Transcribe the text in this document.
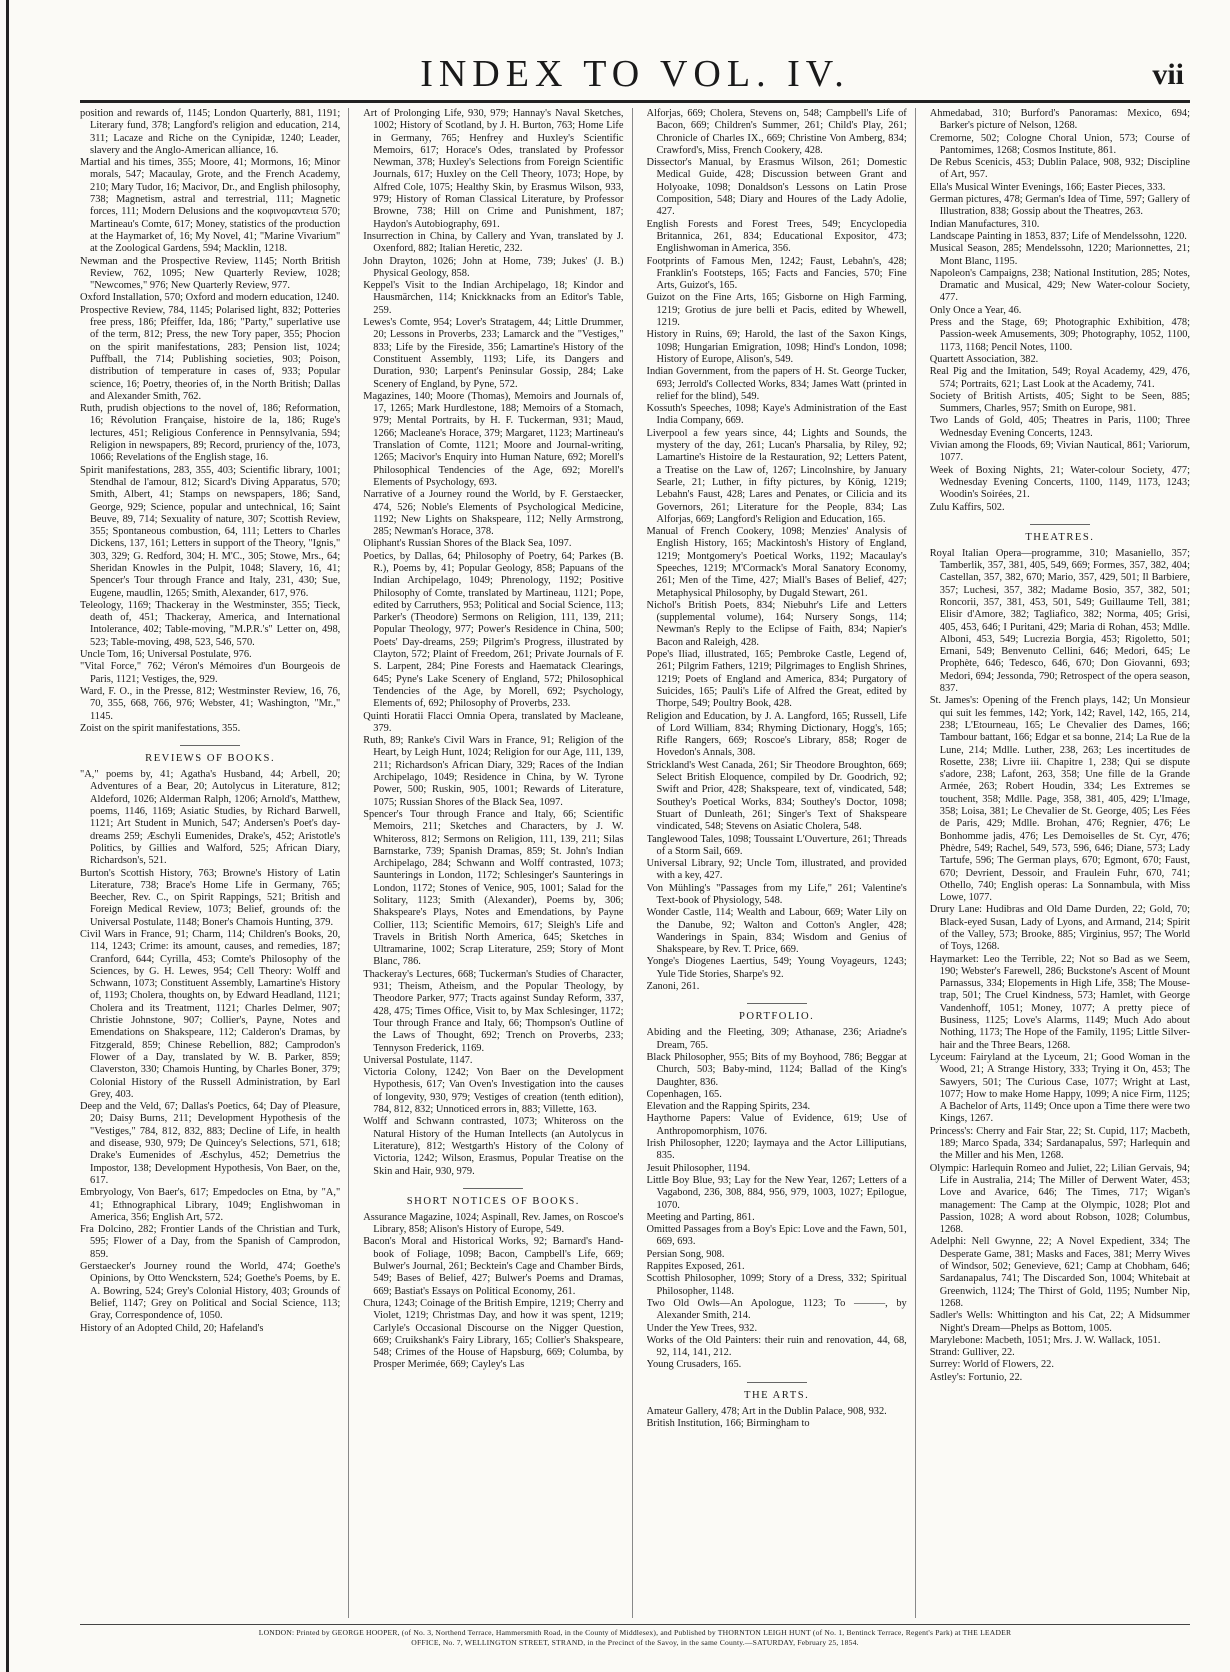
INDEX TO VOL. IV.	vii

position and rewards of, 1145; London Quarterly, 881, 1191; Literary fund, 378; Langford's religion and education, 214, 311; Lacaze and Riche on the Cynipidæ, 1240; Leader, slavery and the Anglo-American alliance, 16.

Martial and his times, 355; Moore, 41; Mormons, 16; Minor morals, 547; Macaulay, Grote, and the French Academy, 210; Mary Tudor, 16; Macivor, Dr., and English philosophy, 738; Magnetism, astral and terrestrial, 111; Magnetic forces, 111; Modern Delusions and the κοφινομαντεια 570; Martineau's Comte, 617; Money, statistics of the production at the Haymarket of, 16; My Novel, 41; "Marine Vivarium" at the Zoological Gardens, 594; Macklin, 1218.

Newman and the Prospective Review, 1145; North British Review, 762, 1095; New Quarterly Review, 1028; "Newcomes," 976; New Quarterly Review, 977.

Oxford Installation, 570; Oxford and modern education, 1240.

Prospective Review, 784, 1145; Polarised light, 832; Potteries free press, 186; Pfeiffer, Ida, 186; "Party," superlative use of the term, 812; Press, the new Tory paper, 355; Phocion on the spirit manifestations, 283; Pension list, 1024; Puffball, the 714; Publishing societies, 903; Poison, distribution of temperature in cases of, 933; Popular science, 16; Poetry, theories of, in the North British; Dallas and Alexander Smith, 762.

Ruth, prudish objections to the novel of, 186; Reformation, 16; Révolution Française, histoire de la, 186; Ruge's lectures, 451; Religious Conference in Pennsylvania, 594; Religion in newspapers, 89; Record, pruriency of the, 1073, 1066; Revelations of the English stage, 16.

Spirit manifestations, 283, 355, 403; Scientific library, 1001; Stendhal de l'amour, 812; Sicard's Diving Apparatus, 570; Smith, Albert, 41; Stamps on newspapers, 186; Sand, George, 929; Science, popular and untechnical, 16; Saint Beuve, 89, 714; Sexuality of nature, 307; Scottish Review, 355; Spontaneous combustion, 64, 111; Letters to Charles Dickens, 137, 161; Letters in support of the Theory, "Ignis," 303, 329; G. Redford, 304; H. M'C., 305; Stowe, Mrs., 64; Sheridan Knowles in the Pulpit, 1048; Slavery, 16, 41; Spencer's Tour through France and Italy, 231, 430; Sue, Eugene, maudlin, 1265; Smith, Alexander, 617, 976.

Teleology, 1169; Thackeray in the Westminster, 355; Tieck, death of, 451; Thackeray, America, and International Intolerance, 402; Table-moving, "M.P.R.'s" Letter on, 498, 523; Table-moving, 498, 523, 546, 570.

Uncle Tom, 16; Universal Postulate, 976.

"Vital Force," 762; Véron's Mémoires d'un Bourgeois de Paris, 1121; Vestiges, the, 929.

Ward, F. O., in the Presse, 812; Westminster Review, 16, 76, 70, 355, 668, 766, 976; Webster, 41; Washington, "Mr.," 1145.

Zoist on the spirit manifestations, 355.

REVIEWS OF BOOKS.

"A," poems by, 41; Agatha's Husband, 44; Arbell, 20; Adventures of a Bear, 20; Autolycus in Literature, 812; Aldeford, 1026; Alderman Ralph, 1206; Arnold's, Matthew, poems, 1146, 1169; Asiatic Studies, by Richard Barwell, 1121; Art Student in Munich, 547; Andersen's Poet's day-dreams 259; Æschyli Eumenides, Drake's, 452; Aristotle's Politics, by Gillies and Walford, 525; African Diary, Richardson's, 521.

Burton's Scottish History, 763; Browne's History of Latin Literature, 738; Brace's Home Life in Germany, 765; Beecher, Rev. C., on Spirit Rappings, 521; British and Foreign Medical Review, 1073; Belief, grounds of: the Universal Postulate, 1148; Boner's Chamois Hunting, 379.

Civil Wars in France, 91; Charm, 114; Children's Books, 20, 114, 1243; Crime: its amount, causes, and remedies, 187; Cranford, 644; Cyrilla, 453; Comte's Philosophy of the Sciences, by G. H. Lewes, 954; Cell Theory: Wolff and Schwann, 1073; Constituent Assembly, Lamartine's History of, 1193; Cholera, thoughts on, by Edward Headland, 1121; Cholera and its Treatment, 1121; Charles Delmer, 907; Christie Johnstone, 907; Collier's, Payne, Notes and Emendations on Shakspeare, 112; Calderon's Dramas, by Fitzgerald, 859; Chinese Rebellion, 882; Camprodon's Flower of a Day, translated by W. B. Parker, 859; Claverston, 330; Chamois Hunting, by Charles Boner, 379; Colonial History of the Russell Administration, by Earl Grey, 403.

Deep and the Veld, 67; Dallas's Poetics, 64; Day of Pleasure, 20; Daisy Burns, 211; Development Hypothesis of the "Vestiges," 784, 812, 832, 883; Decline of Life, in health and disease, 930, 979; De Quincey's Selections, 571, 618; Drake's Eumenides of Æschylus, 452; Demetrius the Impostor, 138; Development Hypothesis, Von Baer, on the, 617.

Embryology, Von Baer's, 617; Empedocles on Etna, by "A," 41; Ethnographical Library, 1049; Englishwoman in America, 356; English Art, 572.

Fra Dolcino, 282; Frontier Lands of the Christian and Turk, 595; Flower of a Day, from the Spanish of Camprodon, 859.

Gerstaecker's Journey round the World, 474; Goethe's Opinions, by Otto Wenckstern, 524; Goethe's Poems, by E. A. Bowring, 524; Grey's Colonial History, 403; Grounds of Belief, 1147; Grey on Political and Social Science, 113; Gray, Correspondence of, 1050.

History of an Adopted Child, 20; Hafeland's

Art of Prolonging Life, 930, 979; Hannay's Naval Sketches, 1002; History of Scotland, by J. H. Burton, 763; Home Life in Germany, 765; Henfrey and Huxley's Scientific Memoirs, 617; Horace's Odes, translated by Professor Newman, 378; Huxley's Selections from Foreign Scientific Journals, 617; Huxley on the Cell Theory, 1073; Hope, by Alfred Cole, 1075; Healthy Skin, by Erasmus Wilson, 933, 979; History of Roman Classical Literature, by Professor Browne, 738; Hill on Crime and Punishment, 187; Haydon's Autobiography, 691.

Insurrection in China, by Callery and Yvan, translated by J. Oxenford, 882; Italian Heretic, 232.

John Drayton, 1026; John at Home, 739; Jukes' (J. B.) Physical Geology, 858.

Keppel's Visit to the Indian Archipelago, 18; Kindor and Hausmärchen, 114; Knickknacks from an Editor's Table, 259.

Lewes's Comte, 954; Lover's Stratagem, 44; Little Drummer, 20; Lessons in Proverbs, 233; Lamarck and the "Vestiges," 833; Life by the Fireside, 356; Lamartine's History of the Constituent Assembly, 1193; Life, its Dangers and Duration, 930; Larpent's Peninsular Gossip, 284; Lake Scenery of England, by Pyne, 572.

Magazines, 140; Moore (Thomas), Memoirs and Journals of, 17, 1265; Mark Hurdlestone, 188; Memoirs of a Stomach, 979; Mental Portraits, by H. F. Tuckerman, 931; Maud, 1266; Macleane's Horace, 379; Margaret, 1123; Martineau's Translation of Comte, 1121; Moore and Journal-writing, 1265; Macivor's Enquiry into Human Nature, 692; Morell's Philosophical Tendencies of the Age, 692; Morell's Elements of Psychology, 693.

Narrative of a Journey round the World, by F. Gerstaecker, 474, 526; Noble's Elements of Psychological Medicine, 1192; New Lights on Shakspeare, 112; Nelly Armstrong, 285; Newman's Horace, 378.

Oliphant's Russian Shores of the Black Sea, 1097.

Poetics, by Dallas, 64; Philosophy of Poetry, 64; Parkes (B. R.), Poems by, 41; Popular Geology, 858; Papuans of the Indian Archipelago, 1049; Phrenology, 1192; Positive Philosophy of Comte, translated by Martineau, 1121; Pope, edited by Carruthers, 953; Political and Social Science, 113; Parker's (Theodore) Sermons on Religion, 111, 139, 211; Popular Theology, 977; Power's Residence in China, 500; Poets' Day-dreams, 259; Pilgrim's Progress, illustrated by Clayton, 572; Plaint of Freedom, 261; Private Journals of F. S. Larpent, 284; Pine Forests and Haematack Clearings, 645; Pyne's Lake Scenery of England, 572; Philosophical Tendencies of the Age, by Morell, 692; Psychology, Elements of, 692; Philosophy of Proverbs, 233.

Quinti Horatii Flacci Omnia Opera, translated by Macleane, 379.

Ruth, 89; Ranke's Civil Wars in France, 91; Religion of the Heart, by Leigh Hunt, 1024; Religion for our Age, 111, 139, 211; Richardson's African Diary, 329; Races of the Indian Archipelago, 1049; Residence in China, by W. Tyrone Power, 500; Ruskin, 905, 1001; Rewards of Literature, 1075; Russian Shores of the Black Sea, 1097.

Spencer's Tour through France and Italy, 66; Scientific Memoirs, 211; Sketches and Characters, by J. W. Whiteross, 812; Sermons on Religion, 111, 139, 211; Silas Barnstarke, 739; Spanish Dramas, 859; St. John's Indian Archipelago, 284; Schwann and Wolff contrasted, 1073; Saunterings in London, 1172; Schlesinger's Saunterings in London, 1172; Stones of Venice, 905, 1001; Salad for the Solitary, 1123; Smith (Alexander), Poems by, 306; Shakspeare's Plays, Notes and Emendations, by Payne Collier, 113; Scientific Memoirs, 617; Sleigh's Life and Travels in British North America, 645; Sketches in Ultramarine, 1002; Scrap Literature, 259; Story of Mont Blanc, 786.

Thackeray's Lectures, 668; Tuckerman's Studies of Character, 931; Theism, Atheism, and the Popular Theology, by Theodore Parker, 977; Tracts against Sunday Reform, 337, 428, 475; Times Office, Visit to, by Max Schlesinger, 1172; Tour through France and Italy, 66; Thompson's Outline of the Laws of Thought, 692; Trench on Proverbs, 233; Tennyson Frederick, 1169.

Universal Postulate, 1147.

Victoria Colony, 1242; Von Baer on the Development Hypothesis, 617; Van Oven's Investigation into the causes of longevity, 930, 979; Vestiges of creation (tenth edition), 784, 812, 832; Unnoticed errors in, 883; Villette, 163.

Wolff and Schwann contrasted, 1073; Whiteross on the Natural History of the Human Intellects (an Autolycus in Literature), 812; Westgarth's History of the Colony of Victoria, 1242; Wilson, Erasmus, Popular Treatise on the Skin and Hair, 930, 979.

SHORT NOTICES OF BOOKS.

Assurance Magazine, 1024; Aspinall, Rev. James, on Roscoe's Library, 858; Alison's History of Europe, 549.

Bacon's Moral and Historical Works, 92; Barnard's Hand-book of Foliage, 1098; Bacon, Campbell's Life, 669; Bulwer's Journal, 261; Becktein's Cage and Chamber Birds, 549; Bases of Belief, 427; Bulwer's Poems and Dramas, 669; Bastiat's Essays on Political Economy, 261.

Chura, 1243; Coinage of the British Empire, 1219; Cherry and Violet, 1219; Christmas Day, and how it was spent, 1219; Carlyle's Occasional Discourse on the Nigger Question, 669; Cruikshank's Fairy Library, 165; Collier's Shakspeare, 548; Crimes of the House of Hapsburg, 669; Columba, by Prosper Merimée, 669; Cayley's Las

Alforjas, 669; Cholera, Stevens on, 548; Campbell's Life of Bacon, 669; Children's Summer, 261; Child's Play, 261; Chronicle of Charles IX., 669; Christine Von Amberg, 834; Crawford's, Miss, French Cookery, 428.

Dissector's Manual, by Erasmus Wilson, 261; Domestic Medical Guide, 428; Discussion between Grant and Holyoake, 1098; Donaldson's Lessons on Latin Prose Composition, 548; Diary and Houres of the Lady Adolie, 427.

English Forests and Forest Trees, 549; Encyclopedia Britannica, 261, 834; Educational Expositor, 473; Englishwoman in America, 356.

Footprints of Famous Men, 1242; Faust, Lebahn's, 428; Franklin's Footsteps, 165; Facts and Fancies, 570; Fine Arts, Guizot's, 165.

Guizot on the Fine Arts, 165; Gisborne on High Farming, 1219; Grotius de jure belli et Pacis, edited by Whewell, 1219.

History in Ruins, 69; Harold, the last of the Saxon Kings, 1098; Hungarian Emigration, 1098; Hind's London, 1098; History of Europe, Alison's, 549.

Indian Government, from the papers of H. St. George Tucker, 693; Jerrold's Collected Works, 834; James Watt (printed in relief for the blind), 549.

Kossuth's Speeches, 1098; Kaye's Administration of the East India Company, 669.

Liverpool a few years since, 44; Lights and Sounds, the mystery of the day, 261; Lucan's Pharsalia, by Riley, 92; Lamartine's Histoire de la Restauration, 92; Letters Patent, a Treatise on the Law of, 1267; Lincolnshire, by January Searle, 21; Luther, in fifty pictures, by König, 1219; Lebahn's Faust, 428; Lares and Penates, or Cilicia and its Governors, 261; Literature for the People, 834; Las Alforjas, 669; Langford's Religion and Education, 165.

Manual of French Cookery, 1098; Menzies' Analysis of English History, 165; Mackintosh's History of England, 1219; Montgomery's Poetical Works, 1192; Macaulay's Speeches, 1219; M'Cormack's Moral Sanatory Economy, 261; Men of the Time, 427; Miall's Bases of Belief, 427; Metaphysical Philosophy, by Dugald Stewart, 261.

Nichol's British Poets, 834; Niebuhr's Life and Letters (supplemental volume), 164; Nursery Songs, 114; Newman's Reply to the Eclipse of Faith, 834; Napier's Bacon and Raleigh, 428.

Pope's Iliad, illustrated, 165; Pembroke Castle, Legend of, 261; Pilgrim Fathers, 1219; Pilgrimages to English Shrines, 1219; Poets of England and America, 834; Purgatory of Suicides, 165; Pauli's Life of Alfred the Great, edited by Thorpe, 549; Poultry Book, 428.

Religion and Education, by J. A. Langford, 165; Russell, Life of Lord William, 834; Rhyming Dictionary, Hogg's, 165; Rifle Rangers, 669; Roscoe's Library, 858; Roger de Hovedon's Annals, 308.

Strickland's West Canada, 261; Sir Theodore Broughton, 669; Select British Eloquence, compiled by Dr. Goodrich, 92; Swift and Prior, 428; Shakspeare, text of, vindicated, 548; Southey's Poetical Works, 834; Southey's Doctor, 1098; Stuart of Dunleath, 261; Singer's Text of Shakspeare vindicated, 548; Stevens on Asiatic Cholera, 548.

Tanglewood Tales, 1098; Toussaint L'Ouverture, 261; Threads of a Storm Sail, 669.

Universal Library, 92; Uncle Tom, illustrated, and provided with a key, 427.

Von Mühling's "Passages from my Life," 261; Valentine's Text-book of Physiology, 548.

Wonder Castle, 114; Wealth and Labour, 669; Water Lily on the Danube, 92; Walton and Cotton's Angler, 428; Wanderings in Spain, 834; Wisdom and Genius of Shakspeare, by Rev. T. Price, 669.

Yonge's Diogenes Laertius, 549; Young Voyageurs, 1243; Yule Tide Stories, Sharpe's 92.

Zanoni, 261.

PORTFOLIO.

Abiding and the Fleeting, 309; Athanase, 236; Ariadne's Dream, 765.

Black Philosopher, 955; Bits of my Boyhood, 786; Beggar at Church, 503; Baby-mind, 1124; Ballad of the King's Daughter, 836.

Copenhagen, 165.

Elevation and the Rapping Spirits, 234.

Haythorne Papers: Value of Evidence, 619; Use of Anthropomorphism, 1076.

Irish Philosopher, 1220; Iaymaya and the Actor Lilliputians, 835.

Jesuit Philosopher, 1194.

Little Boy Blue, 93; Lay for the New Year, 1267; Letters of a Vagabond, 236, 308, 884, 956, 979, 1003, 1027; Epilogue, 1070.

Meeting and Parting, 861.

Omitted Passages from a Boy's Epic: Love and the Fawn, 501, 669, 693.

Persian Song, 908.

Rappites Exposed, 261.

Scottish Philosopher, 1099; Story of a Dress, 332; Spiritual Philosopher, 1148.

Two Old Owls—An Apologue, 1123; To ———, by Alexander Smith, 214.

Under the Yew Trees, 932.

Works of the Old Painters: their ruin and renovation, 44, 68, 92, 114, 141, 212.

Young Crusaders, 165.

THE ARTS.

Amateur Gallery, 478; Art in the Dublin Palace, 908, 932.

British Institution, 166; Birmingham to

Ahmedabad, 310; Burford's Panoramas: Mexico, 694; Barker's picture of Nelson, 1268.

Cremorne, 502; Cologne Choral Union, 573; Course of Pantomimes, 1268; Cosmos Institute, 861.

De Rebus Scenicis, 453; Dublin Palace, 908, 932; Discipline of Art, 957.

Ella's Musical Winter Evenings, 166; Easter Pieces, 333.

German pictures, 478; German's Idea of Time, 597; Gallery of Illustration, 838; Gossip about the Theatres, 263.

Indian Manufactures, 310.

Landscape Painting in 1853, 837; Life of Mendelssohn, 1220.

Musical Season, 285; Mendelssohn, 1220; Marionnettes, 21; Mont Blanc, 1195.

Napoleon's Campaigns, 238; National Institution, 285; Notes, Dramatic and Musical, 429; New Water-colour Society, 477.

Only Once a Year, 46.

Press and the Stage, 69; Photographic Exhibition, 478; Passion-week Amusements, 309; Photography, 1052, 1100, 1173, 1168; Pencil Notes, 1100.

Quartett Association, 382.

Real Pig and the Imitation, 549; Royal Academy, 429, 476, 574; Portraits, 621; Last Look at the Academy, 741.

Society of British Artists, 405; Sight to be Seen, 885; Summers, Charles, 957; Smith on Europe, 981.

Two Lands of Gold, 405; Theatres in Paris, 1100; Three Wednesday Evening Concerts, 1243.

Vivian among the Floods, 69; Vivian Nautical, 861; Variorum, 1077.

Week of Boxing Nights, 21; Water-colour Society, 477; Wednesday Evening Concerts, 1100, 1149, 1173, 1243; Woodin's Soirées, 21.

Zulu Kaffirs, 502.

THEATRES.

Royal Italian Opera—programme, 310; Masaniello, 357; Tamberlik, 357, 381, 405, 549, 669; Formes, 357, 382, 404; Castellan, 357, 382, 670; Mario, 357, 429, 501; Il Barbiere, 357; Luchesi, 357, 382; Madame Bosio, 357, 382, 501; Roncorii, 357, 381, 453, 501, 549; Guillaume Tell, 381; Elisir d'Amore, 382; Tagliafico, 382; Norma, 405; Grisi, 405, 453, 646; I Puritani, 429; Maria di Rohan, 453; Mdlle. Alboni, 453, 549; Lucrezia Borgia, 453; Rigoletto, 501; Ernani, 549; Benvenuto Cellini, 646; Medori, 645; Le Prophète, 646; Tedesco, 646, 670; Don Giovanni, 693; Medori, 694; Jessonda, 790; Retrospect of the opera season, 837.

St. James's: Opening of the French plays, 142; Un Monsieur qui suit les femmes, 142; York, 142; Ravel, 142, 165, 214, 238; L'Etourneau, 165; Le Chevalier des Dames, 166; Tambour battant, 166; Edgar et sa bonne, 214; La Rue de la Lune, 214; Mdlle. Luther, 238, 263; Les incertitudes de Rosette, 238; Livre iii. Chapitre 1, 238; Qui se dispute s'adore, 238; Lafont, 263, 358; Une fille de la Grande Armée, 263; Robert Houdin, 334; Les Extremes se touchent, 358; Mdlle. Page, 358, 381, 405, 429; L'Image, 358; Loisa, 381; Le Chevalier de St. George, 405; Les Fées de Paris, 429; Mdlle. Brohan, 476; Regnier, 476; Le Bonhomme jadis, 476; Les Demoiselles de St. Cyr, 476; Phèdre, 549; Rachel, 549, 573, 596, 646; Diane, 573; Lady Tartufe, 596; The German plays, 670; Egmont, 670; Faust, 670; Devrient, Dessoir, and Fraulein Fuhr, 670, 741; Othello, 740; English operas: La Sonnambula, with Miss Lowe, 1077.

Drury Lane: Hudibras and Old Dame Durden, 22; Gold, 70; Black-eyed Susan, Lady of Lyons, and Armand, 214; Spirit of the Valley, 573; Brooke, 885; Virginius, 957; The World of Toys, 1268.

Haymarket: Leo the Terrible, 22; Not so Bad as we Seem, 190; Webster's Farewell, 286; Buckstone's Ascent of Mount Parnassus, 334; Elopements in High Life, 358; The Mouse-trap, 501; The Cruel Kindness, 573; Hamlet, with George Vandenhoff, 1051; Money, 1077; A pretty piece of Business, 1125; Love's Alarms, 1149; Much Ado about Nothing, 1173; The Hope of the Family, 1195; Little Silver-hair and the Three Bears, 1268.

Lyceum: Fairyland at the Lyceum, 21; Good Woman in the Wood, 21; A Strange History, 333; Trying it On, 453; The Sawyers, 501; The Curious Case, 1077; Wright at Last, 1077; How to make Home Happy, 1099; A nice Firm, 1125; A Bachelor of Arts, 1149; Once upon a Time there were two Kings, 1267.

Princess's: Cherry and Fair Star, 22; St. Cupid, 117; Macbeth, 189; Marco Spada, 334; Sardanapalus, 597; Harlequin and the Miller and his Men, 1268.

Olympic: Harlequin Romeo and Juliet, 22; Lilian Gervais, 94; Life in Australia, 214; The Miller of Derwent Water, 453; Love and Avarice, 646; The Times, 717; Wigan's management: The Camp at the Olympic, 1028; Plot and Passion, 1028; A word about Robson, 1028; Columbus, 1268.

Adelphi: Nell Gwynne, 22; A Novel Expedient, 334; The Desperate Game, 381; Masks and Faces, 381; Merry Wives of Windsor, 502; Genevieve, 621; Camp at Chobham, 646; Sardanapalus, 741; The Discarded Son, 1004; Whitebait at Greenwich, 1124; The Thirst of Gold, 1195; Number Nip, 1268.

Sadler's Wells: Whittington and his Cat, 22; A Midsummer Night's Dream—Phelps as Bottom, 1005.

Marylebone: Macbeth, 1051; Mrs. J. W. Wallack, 1051.

Strand: Gulliver, 22.

Surrey: World of Flowers, 22.

Astley's: Fortunio, 22.

LONDON: Printed by GEORGE HOOPER, (of No. 3, Northend Terrace, Hammersmith Road, in the County of Middlesex), and Published by THORNTON LEIGH HUNT (of No. 1, Bentinck Terrace, Regent's Park) at THE LEADER
OFFICE, No. 7, WELLINGTON STREET, STRAND, in the Precinct of the Savoy, in the same County.—SATURDAY, February 25, 1854.
